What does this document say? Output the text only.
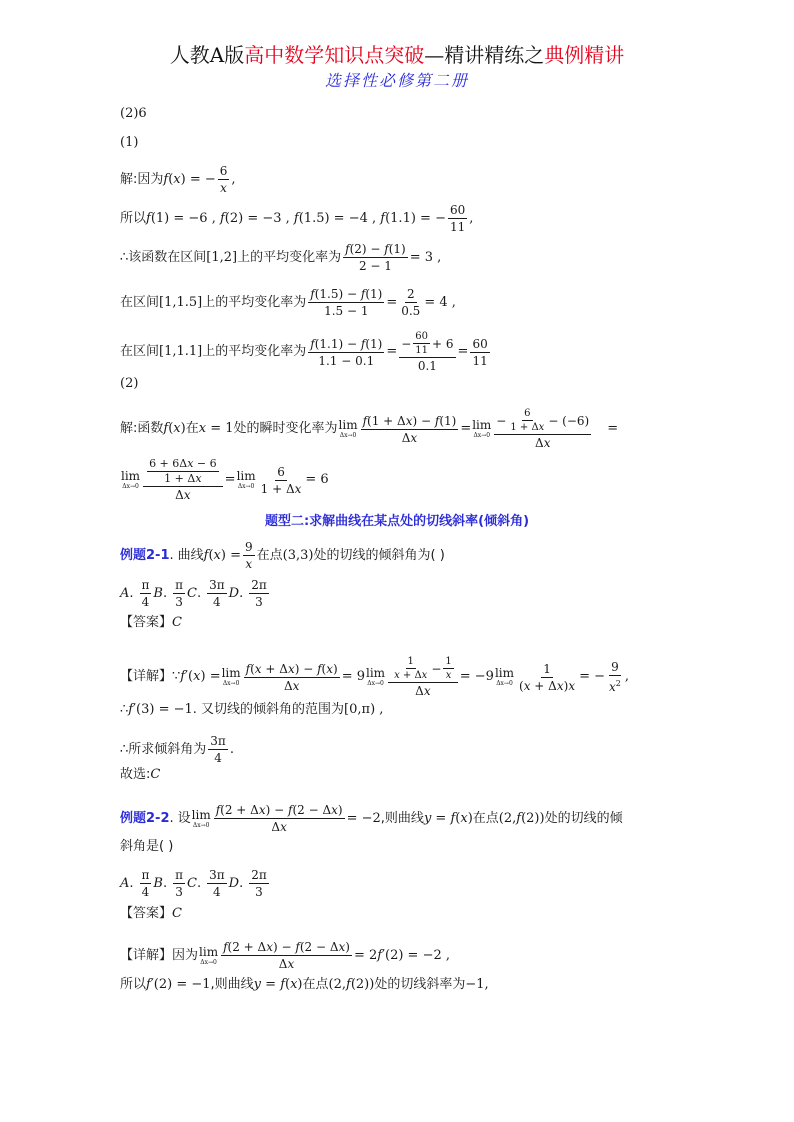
人教A版高中数学知识点突破—精讲精练之典例精讲
选择性必修第二册
(2)6
(1)
解:因为 f(x) = − $\frac{6}{x}$ ,
所以 f(1) = −6 , f(2) = −3 , f(1.5) = −4 , f(1.1) = − $\frac{60}{11}$ ,
∴该函数在区间 [1,2] 上的平均变化率为 $\frac{f(2) - f(1)}{2 - 1} = 3$ ,
在区间 [1,1.5] 上的平均变化率为 $\frac{f(1.5) - f(1)}{1.5 - 1} = \frac{2}{0.5} = 4$ ,
在区间 [1,1.1] 上的平均变化率为 $\frac{f(1.1) - f(1)}{1.1 - 0.1}$ = − 60
11 + 6
$0.1 = \frac{60}{11}$
(2)
解:函数 f(x) 在 x = 1 处的瞬时变化率为 lim
$\Delta x\to 0 \frac{f(1 + \Delta x) - f(1)}{\Delta x} = \lim$
Δx→0 − 6
1 + Δx − (−6)
Δx =
lim
$\Delta x\to 0 \frac{\frac{6 + 6\Delta x - 6}{1 + \Delta x}}{\Delta x} = \lim$
$\Delta x\to 0 \frac{6}{1 + \Delta x} = 6$
题型二:求解曲线在某点处的切线斜率(倾斜角)
例题2-1 . 曲线 $f(x) = \frac{9}{x}$ 在点 (3,3) 处的切线的倾斜角为( )
A .
π
4
B .
π
3
C .
3π
4
D .
2π
3
【答案】 C
【详解】 ∵f′(x) = lim
$\Delta x\to 0 \frac{f(x + \Delta x) - f(x)}{\Delta x} = 9$ lim
Δx→0 1
x + Δx − 1
x
Δx = −9 lim
$\Delta x\to 0 \frac{1}{(x + \Delta x)x}$ = − $\frac{9}{x^2}$ ,
∴ f′(3) = −1 . 又切线的倾斜角的范围为 [0,π) ,
∴所求倾斜角为
3π
4
.
故选: C
例题2-2 . 设 lim
$\Delta x\to 0 \frac{f(2 + \Delta x) - f(2 - \Delta x)}{\Delta x} = -2$ ,则曲线 y = f(x) 在点 (2,f(2)) 处的切线的倾
斜角是( )
A .
π
4
B .
π
3
C .
3π
4
D .
2π
3
【答案】 C
【详解】因为 lim
$\Delta x\to 0 \frac{f(2 + \Delta x) - f(2 - \Delta x)}{\Delta x} = 2f'(2) = -2$ ,
所以 f′(2) = −1 ,则曲线 y = f(x) 在点 (2,f(2)) 处的切线斜率为 −1,
